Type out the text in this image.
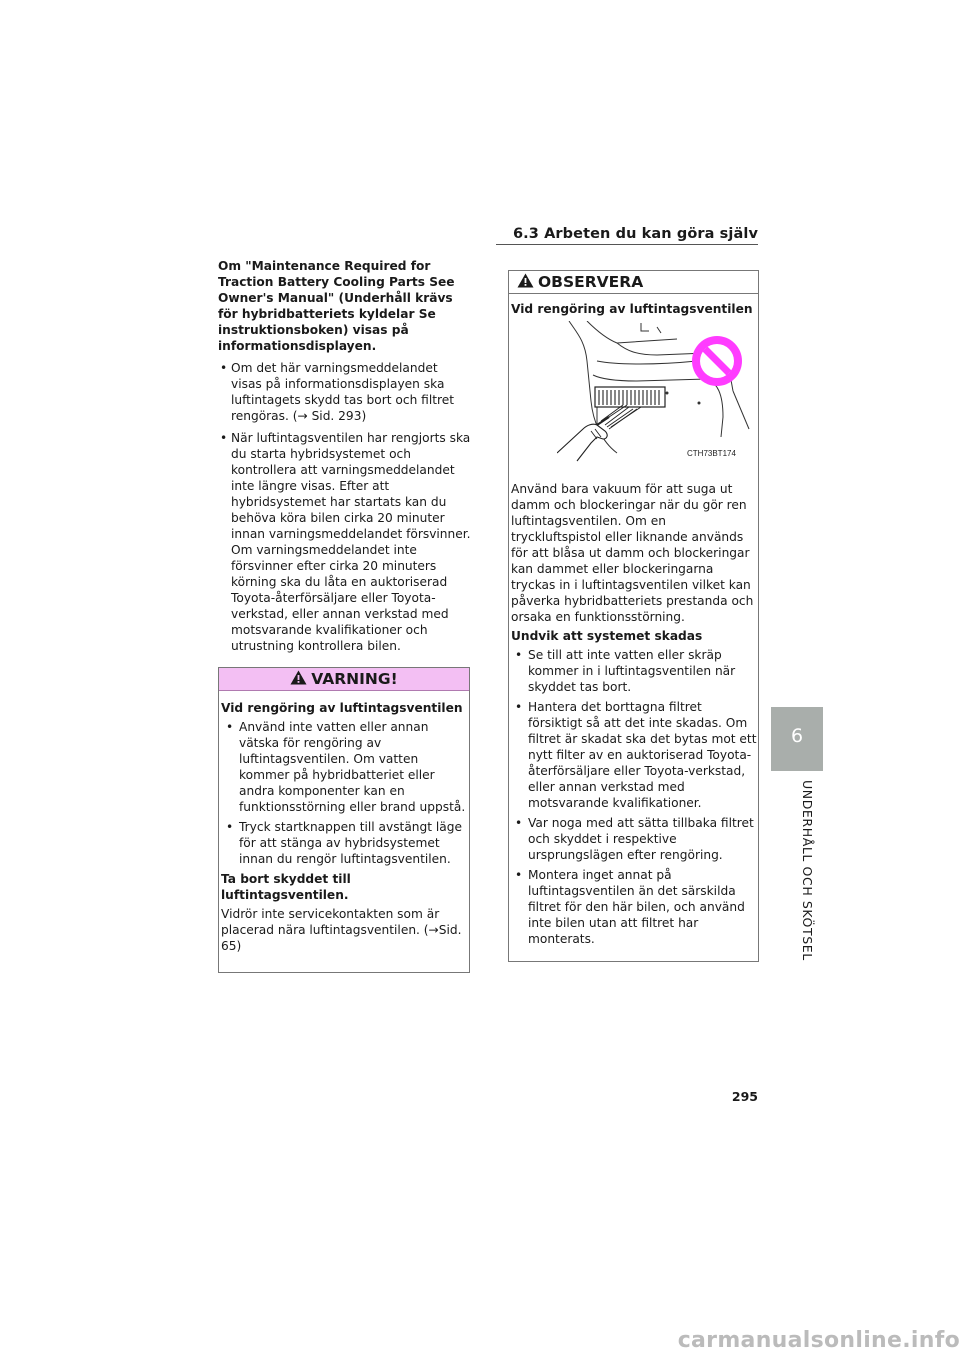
6.3 Arbeten du kan göra själv
6
UNDERHÅLL OCH SKÖTSEL

Om "Maintenance Required for Traction Battery Cooling Parts See Owner's Manual" (Underhåll krävs för hybridbatteriets kyldelar Se instruktionsboken) visas på informationsdisplayen.

• Om det här varningsmeddelandet visas på informationsdisplayen ska luftintagets skydd tas bort och filtret rengöras. (→ Sid. 293)
• När luftintagsventilen har rengjorts ska du starta hybridsystemet och kontrollera att varningsmeddelandet inte längre visas. Efter att hybridsystemet har startats kan du behöva köra bilen cirka 20 minuter innan varningsmeddelandet försvinner. Om varningsmeddelandet inte försvinner efter cirka 20 minuters körning ska du låta en auktoriserad Toyota-återförsäljare eller Toyota-verkstad, eller annan verkstad med motsvarande kvalifikationer och utrustning kontrollera bilen.
VARNING!

Vid rengöring av luftintagsventilen

• Använd inte vatten eller annan vätska för rengöring av luftintagsventilen. Om vatten kommer på hybridbatteriet eller andra komponenter kan en funktionsstörning eller brand uppstå.
• Tryck startknappen till avstängt läge för att stänga av hybridsystemet innan du rengör luftintagsventilen.

Ta bort skyddet till luftintagsventilen.

Vidrör inte servicekontakten som är placerad nära luftintagsventilen. (→Sid. 65)

OBSERVERA
Vid rengöring av luftintagsventilen
CTH73BT174

Använd bara vakuum för att suga ut damm och blockeringar när du gör ren luftintagsventilen. Om en tryckluftspistol eller liknande används för att blåsa ut damm och blockeringar kan dammet eller blockeringarna tryckas in i luftintagsventilen vilket kan påverka hybridbatteriets prestanda och orsaka en funktionsstörning.

Undvik att systemet skadas

• Se till att inte vatten eller skräp kommer in i luftintagsventilen när skyddet tas bort.
• Hantera det borttagna filtret försiktigt så att det inte skadas. Om filtret är skadat ska det bytas mot ett nytt filter av en auktoriserad Toyota-återförsäljare eller Toyota-verkstad, eller annan verkstad med motsvarande kvalifikationer.
• Var noga med att sätta tillbaka filtret och skyddet i respektive ursprungslägen efter rengöring.
• Montera inget annat på luftintagsventilen än det särskilda filtret för den här bilen, och använd inte bilen utan att filtret har monterats.
295
carmanualsonline.info
